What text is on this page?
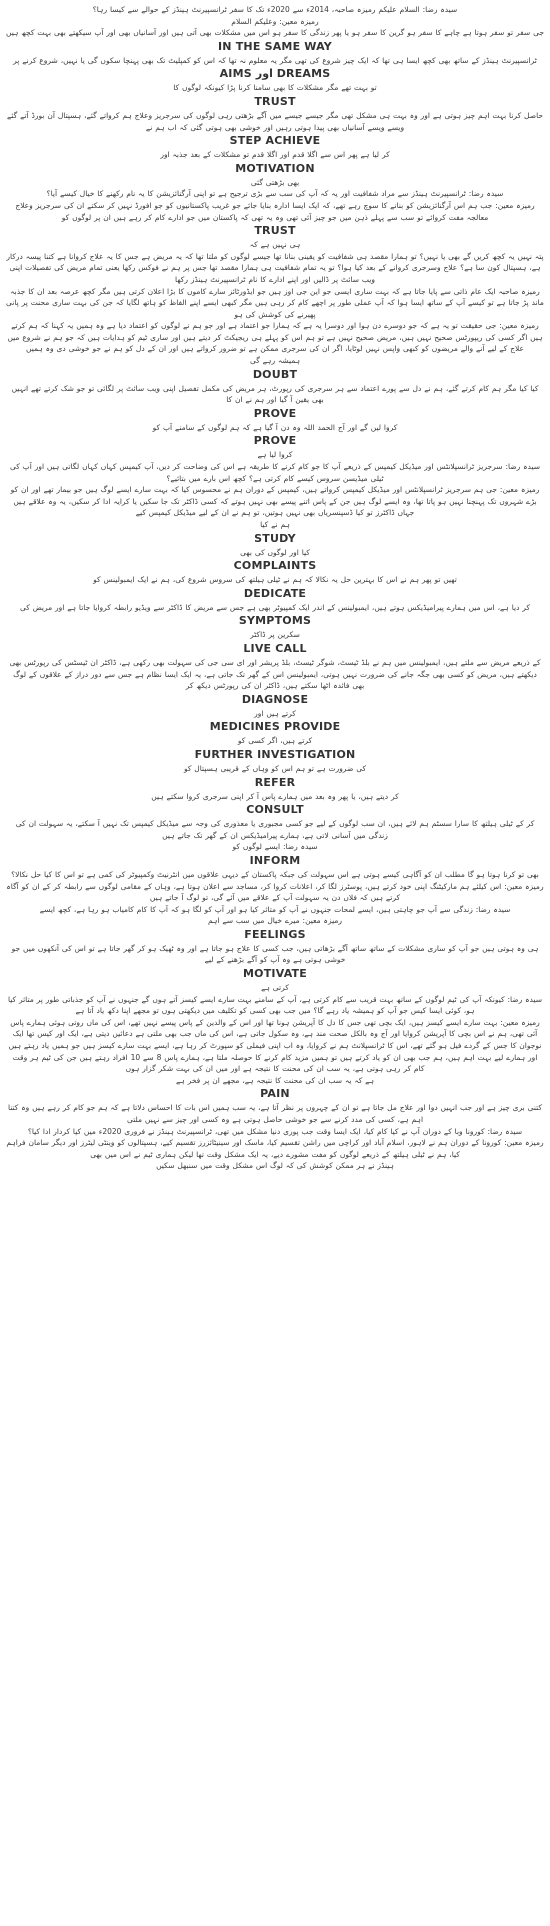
سیدہ رضا: السلام علیکم رمیزہ صاحبہ، 2014ء سے 2020ء تک کا سفر ٹرانسپیرنٹ ہینڈز کے حوالے سے کیسا رہا؟
رمیزہ معین: وعلیکم السلام
جی سفر تو سفر ہوتا ہے چاہے کا سفر ہو گرین کا سفر ہو یا پھر زندگی کا سفر ہو اس میں مشکلات بھی آتی ہیں اور آسانیاں بھی اور آپ سیکھتے بھی بہت کچھ ہیں
IN THE SAME WAY
ٹرانسپیرنٹ ہینڈز کے ساتھ بھی کچھ ایسا ہی تھا کہ ایک چیز شروع کی تھی مگر یہ معلوم نہ تھا کہ اس کو کمپلیٹ تک بھی پہنچا سکوں گی یا نہیں، شروع کرنے پر
AIMS اور DREAMS
تو بہت تھے مگر مشکلات کا بھی سامنا کرنا پڑا کیونکہ لوگوں کا
TRUST
حاصل کرنا بہت اہم چیز ہوتی ہے اور وہ بہت ہی مشکل تھی مگر جیسے جیسے میں آگے بڑھتی رہی لوگوں کی سرجریز وعلاج ہم کرواتے گئے، ہسپتال آن بورڈ آتے گئے ویسے ویسے آسانیاں بھی پیدا ہوتی رہیں اور خوشی بھی ہوتی گئی کہ اب ہم نے
STEP ACHIEVE
کر لیا ہے پھر اس سے اگلا قدم اور اگلا قدم تو مشکلات کے بعد جذبہ اور
MOTIVATION
بھی بڑھتی گئی
سیدہ رضا: ٹرانسپیرنٹ ہینڈز سے مراد شفافیت اور یہ کہ آپ کی سب سے بڑی ترجیح ہے تو اپنی آرگنائزیشن کا یہ نام رکھنے کا خیال کیسے آیا؟
رمیزہ معین: جب ہم اس آرگنائزیشن کو بنانے کا سوچ رہے تھے، کہ ایک ایسا ادارہ بنایا جائے جو غریب پاکستانیوں کو جو افورڈ نہیں کر سکتے ان کی سرجریز وعلاج معالجہ مفت کروائے تو سب سے پہلے ذہن میں جو چیز آئی تھی وہ یہ تھی کہ پاکستان میں جو ادارے کام کر رہے ہیں ان پر لوگوں کو
TRUST
ہی نہیں ہے کہ
پتہ نہیں یہ کچھ کریں گے بھی یا نہیں؟ تو ہمارا مقصد ہی شفافیت کو یقینی بنانا تھا جیسے لوگوں کو ملتا تھا کہ یہ مریض ہے جس کا یہ علاج کروانا ہے کتنا پیسہ درکار ہے، ہسپتال کون سا ہے؟ علاج وسرجری کروانے کے بعد کیا ہوا؟ تو یہ تمام شفافیت ہی ہمارا مقصد تھا جس پر ہم نے فوکس رکھا یعنی تمام مریض کی تفصیلات اپنی ویب سائٹ پر ڈالیں اور اپنے ادارے کا نام ٹرانسپیرنٹ ہینڈز رکھا
رمیزہ صاحبہ ایک عام ذاتی سے پایا جاتا ہے کہ بہت ساری ایسی جو این جی اوز ہیں جو ایڈورٹائز سارے کاموں کا بڑا اعلان کرتی ہیں مگر کچھ عرصہ بعد ان کا جذبہ ماند پڑ جاتا ہے تو کیسے آپ کے ساتھ ایسا ہوا کہ آپ عملی طور پر اچھے کام کر رہی ہیں مگر کبھی ایسے اپنے الفاظ کو ہاتھ لگایا کہ جن کی بہت ساری محنت پر پانی پھیرنے کی کوشش کی ہو
رمیزہ معین: جی حقیقت تو یہ ہے کہ جو دوسرے دن ہوا اور دوسرا یہ ہے کہ ہمارا جو اعتماد ہے اور جو ہم نے لوگوں کو اعتماد دیا ہے وہ ہمیں یہ کہنا کہ ہم کرتے ہیں اگر کسی کی ریپورٹس صحیح نہیں ہیں، مریض صحیح نہیں ہے تو ہم اس کو پہلے ہی ریجیکٹ کر دیتے ہیں اور ساری ٹیم کو ہدایات ہیں کہ جو ہم نے شروع میں علاج کے لیے آنے والے مریضوں کو کبھی واپس نہیں لوٹایا، اگر ان کی سرجری ممکن ہے تو ضرور کرواتے ہیں اور ان کے دل کو ہم نے جو خوشی دی وہ ہمیں
ہمیشہ رہے گی
DOUBT
کیا کیا مگر ہم کام کرتے گئے، ہم نے دل سے پورے اعتماد سے ہر سرجری کی رپورٹ، ہر مریض کی مکمل تفصیل اپنی ویب سائٹ پر لگائی تو جو شک کرتے تھے انہیں بھی یقین آ گیا اور ہم نے ان کا
PROVE
کروا لیں گے اور آج الحمد اللہ وہ دن آ گیا ہے کہ ہم لوگوں کے سامنے آپ کو
PROVE
کروا لیا ہے
سیدہ رضا: سرجریز ٹرانسپلانٹس اور میڈیکل کیمپس کے ذریعے آپ کا جو کام کرنے کا طریقہ ہے اس کی وضاحت کر دیں، آپ کیمپس کہاں کہاں لگاتی ہیں اور آپ کی ٹیلی میڈیسن سروس کیسے کام کرتی ہے؟ کچھ اس بارے میں بتائیے؟
رمیزہ معین: جی ہم سرجریز ٹرانسپلانٹس اور میڈیکل کیمپس کرواتے ہیں، کیمپس کے دوران ہم نے محسوس کیا کہ بہت سارے ایسے لوگ ہیں جو بیمار تھے اور ان کو بڑے شہروں تک پہنچنا نہیں ہو پاتا تھا، وہ ایسے لوگ ہیں جن کے پاس اتنے پیسے بھی نہیں ہوتے کہ کسی ڈاکٹر تک جا سکیں یا کرایہ ادا کر سکیں، یہ وہ علاقے ہیں جہاں ڈاکٹرز تو کیا ڈسپنسریاں بھی نہیں ہوتیں، تو ہم نے ان کے لیے میڈیکل کیمپس کیے
ہم نے کیا
STUDY
کیا اور لوگوں کی بھی
COMPLAINTS
تھیں تو پھر ہم نے اس کا بہترین حل یہ نکالا کہ ہم نے ٹیلی ہیلتھ کی سروس شروع کی، ہم نے ایک ایمبولینس کو
DEDICATE
کر دیا ہے، اس میں ہمارے پیرامیڈیکس ہوتے ہیں، ایمبولینس کے اندر ایک کمپیوٹر بھی ہے جس سے مریض کا ڈاکٹر سے ویڈیو رابطہ کروایا جاتا ہے اور مریض کی
SYMPTOMS
سکرین پر ڈاکٹر
LIVE CALL
کے ذریعے مریض سے ملتے ہیں، ایمبولینس میں ہم نے بلڈ ٹیسٹ، شوگر ٹیسٹ، بلڈ پریشر اور ای سی جی کی سہولت بھی رکھی ہے، ڈاکٹر ان ٹیسٹس کی رپورٹس بھی دیکھتے ہیں، مریض کو کسی بھی جگہ جانے کی ضرورت نہیں ہوتی، ایمبولینس اس کے گھر تک جاتی ہے، یہ ایک ایسا نظام ہے جس سے دور دراز کے علاقوں کے لوگ بھی فائدہ اٹھا سکتے ہیں، ڈاکٹر ان کی رپورٹس دیکھ کر
DIAGNOSE
کرتے ہیں اور
MEDICINES PROVIDE
کرتے ہیں، اگر کسی کو
FURTHER INVESTIGATION
کی ضرورت ہے تو ہم اس کو وہاں کے قریبی ہسپتال کو
REFER
کر دیتے ہیں، یا پھر وہ بعد میں ہمارے پاس آ کر اپنی سرجری کروا سکتے ہیں
CONSULT
کر کے ٹیلی ہیلتھ کا سارا سسٹم ہم لائے ہیں، ان سب لوگوں کے لیے جو کسی مجبوری یا معذوری کی وجہ سے میڈیکل کیمپس تک نہیں آ سکتے، یہ سہولت ان کی زندگی میں آسانی لاتی ہے، ہمارے پیرامیڈیکس ان کے گھر تک جاتے ہیں
سیدہ رضا: ایسے لوگوں کو
INFORM
بھی تو کرنا ہوتا ہو گا مطلب ان کو آگاہی کیسے ہوتی ہے اس سہولت کی جبکہ پاکستان کے دیہی علاقوں میں انٹرنیٹ وکمپیوٹر کی کمی ہے تو اس کا کیا حل نکالا؟
رمیزہ معین: اس کیلئے ہم مارکیٹنگ اپنی خود کرتے ہیں، پوسٹرز لگا کر، اعلانات کروا کر، مساجد سے اعلان ہوتا ہے، وہاں کے مقامی لوگوں سے رابطہ کر کے ان کو آگاہ کرتے ہیں کہ فلاں دن یہ سہولت آپ کے علاقے میں آئے گی، تو لوگ آ جاتے ہیں
سیدہ رضا: زندگی سے آپ جو چاہتی ہیں، ایسے لمحات جنہوں نے آپ کو متاثر کیا ہو اور آپ کو لگا ہو کہ آپ کا کام کامیاب ہو رہا ہے، کچھ ایسے
رمیزہ معین: میرے خیال میں سب سے اہم
FEELINGS
ہی وہ ہوتی ہیں جو آپ کو ساری مشکلات کے ساتھ ساتھ آگے بڑھاتی ہیں، جب کسی کا علاج ہو جاتا ہے اور وہ ٹھیک ہو کر گھر جاتا ہے تو اس کی آنکھوں میں جو خوشی ہوتی ہے وہ آپ کو آگے بڑھنے کے لیے
MOTIVATE
کرتی ہے
سیدہ رضا: کیونکہ آپ کی ٹیم لوگوں کے ساتھ بہت قریب سے کام کرتی ہے، آپ کے سامنے بہت سارے ایسے کیسز آتے ہوں گے جنہوں نے آپ کو جذباتی طور پر متاثر کیا ہو، کوئی ایسا کیس جو آپ کو ہمیشہ یاد رہے گا؟ میں جب بھی کسی کو تکلیف میں دیکھتی ہوں تو مجھے اپنا دکھ یاد آتا ہے
رمیزہ معین: بہت سارے ایسے کیسز ہیں، ایک بچی تھی جس کا دل کا آپریشن ہونا تھا اور اس کے والدین کے پاس پیسے نہیں تھے، اس کی ماں روتی ہوئی ہمارے پاس آئی تھی، ہم نے اس بچی کا آپریشن کروایا اور آج وہ بالکل صحت مند ہے، وہ سکول جاتی ہے، اس کی ماں جب بھی ملتی ہے دعائیں دیتی ہے، ایک اور کیس تھا ایک نوجوان کا جس کے گردے فیل ہو گئے تھے، اس کا ٹرانسپلانٹ ہم نے کروایا، وہ اب اپنی فیملی کو سپورٹ کر رہا ہے، ایسے بہت سارے کیسز ہیں جو ہمیں یاد رہتے ہیں اور ہمارے لیے بہت اہم ہیں، ہم جب بھی ان کو یاد کرتے ہیں تو ہمیں مزید کام کرنے کا حوصلہ ملتا ہے، ہمارے پاس 8 سے 10 افراد رہتے ہیں جن کی ٹیم ہر وقت کام کر رہی ہوتی ہے، یہ سب ان کی محنت کا نتیجہ ہے اور میں ان کی بہت شکر گزار ہوں
ہے کہ یہ سب ان کی محنت کا نتیجہ ہے، مجھے ان پر فخر ہے
PAIN
کتنی بری چیز ہے اور جب انہیں دوا اور علاج مل جاتا ہے تو ان کے چہروں پر نظر آتا ہے، یہ سب ہمیں اس بات کا احساس دلاتا ہے کہ ہم جو کام کر رہے ہیں وہ کتنا اہم ہے، کسی کی مدد کرنے سے جو خوشی حاصل ہوتی ہے وہ کسی اور چیز سے نہیں ملتی
سیدہ رضا: کورونا وبا کے دوران آپ نے کیا کام کیا، ایک ایسا وقت جب پوری دنیا مشکل میں تھی، ٹرانسپیرنٹ ہینڈز نے فروری 2020ء میں کیا کردار ادا کیا؟
رمیزہ معین: کورونا کے دوران ہم نے لاہور، اسلام آباد اور کراچی میں راشن تقسیم کیا، ماسک اور سینیٹائزرز تقسیم کیے، ہسپتالوں کو وینٹی لیٹرز اور دیگر سامان فراہم کیا، ہم نے ٹیلی ہیلتھ کے ذریعے لوگوں کو مفت مشورے دیے، یہ ایک مشکل وقت تھا لیکن ہماری ٹیم نے اس میں بھی
ہینڈز نے ہر ممکن کوشش کی کہ لوگ اس مشکل وقت میں سنبھل سکیں
